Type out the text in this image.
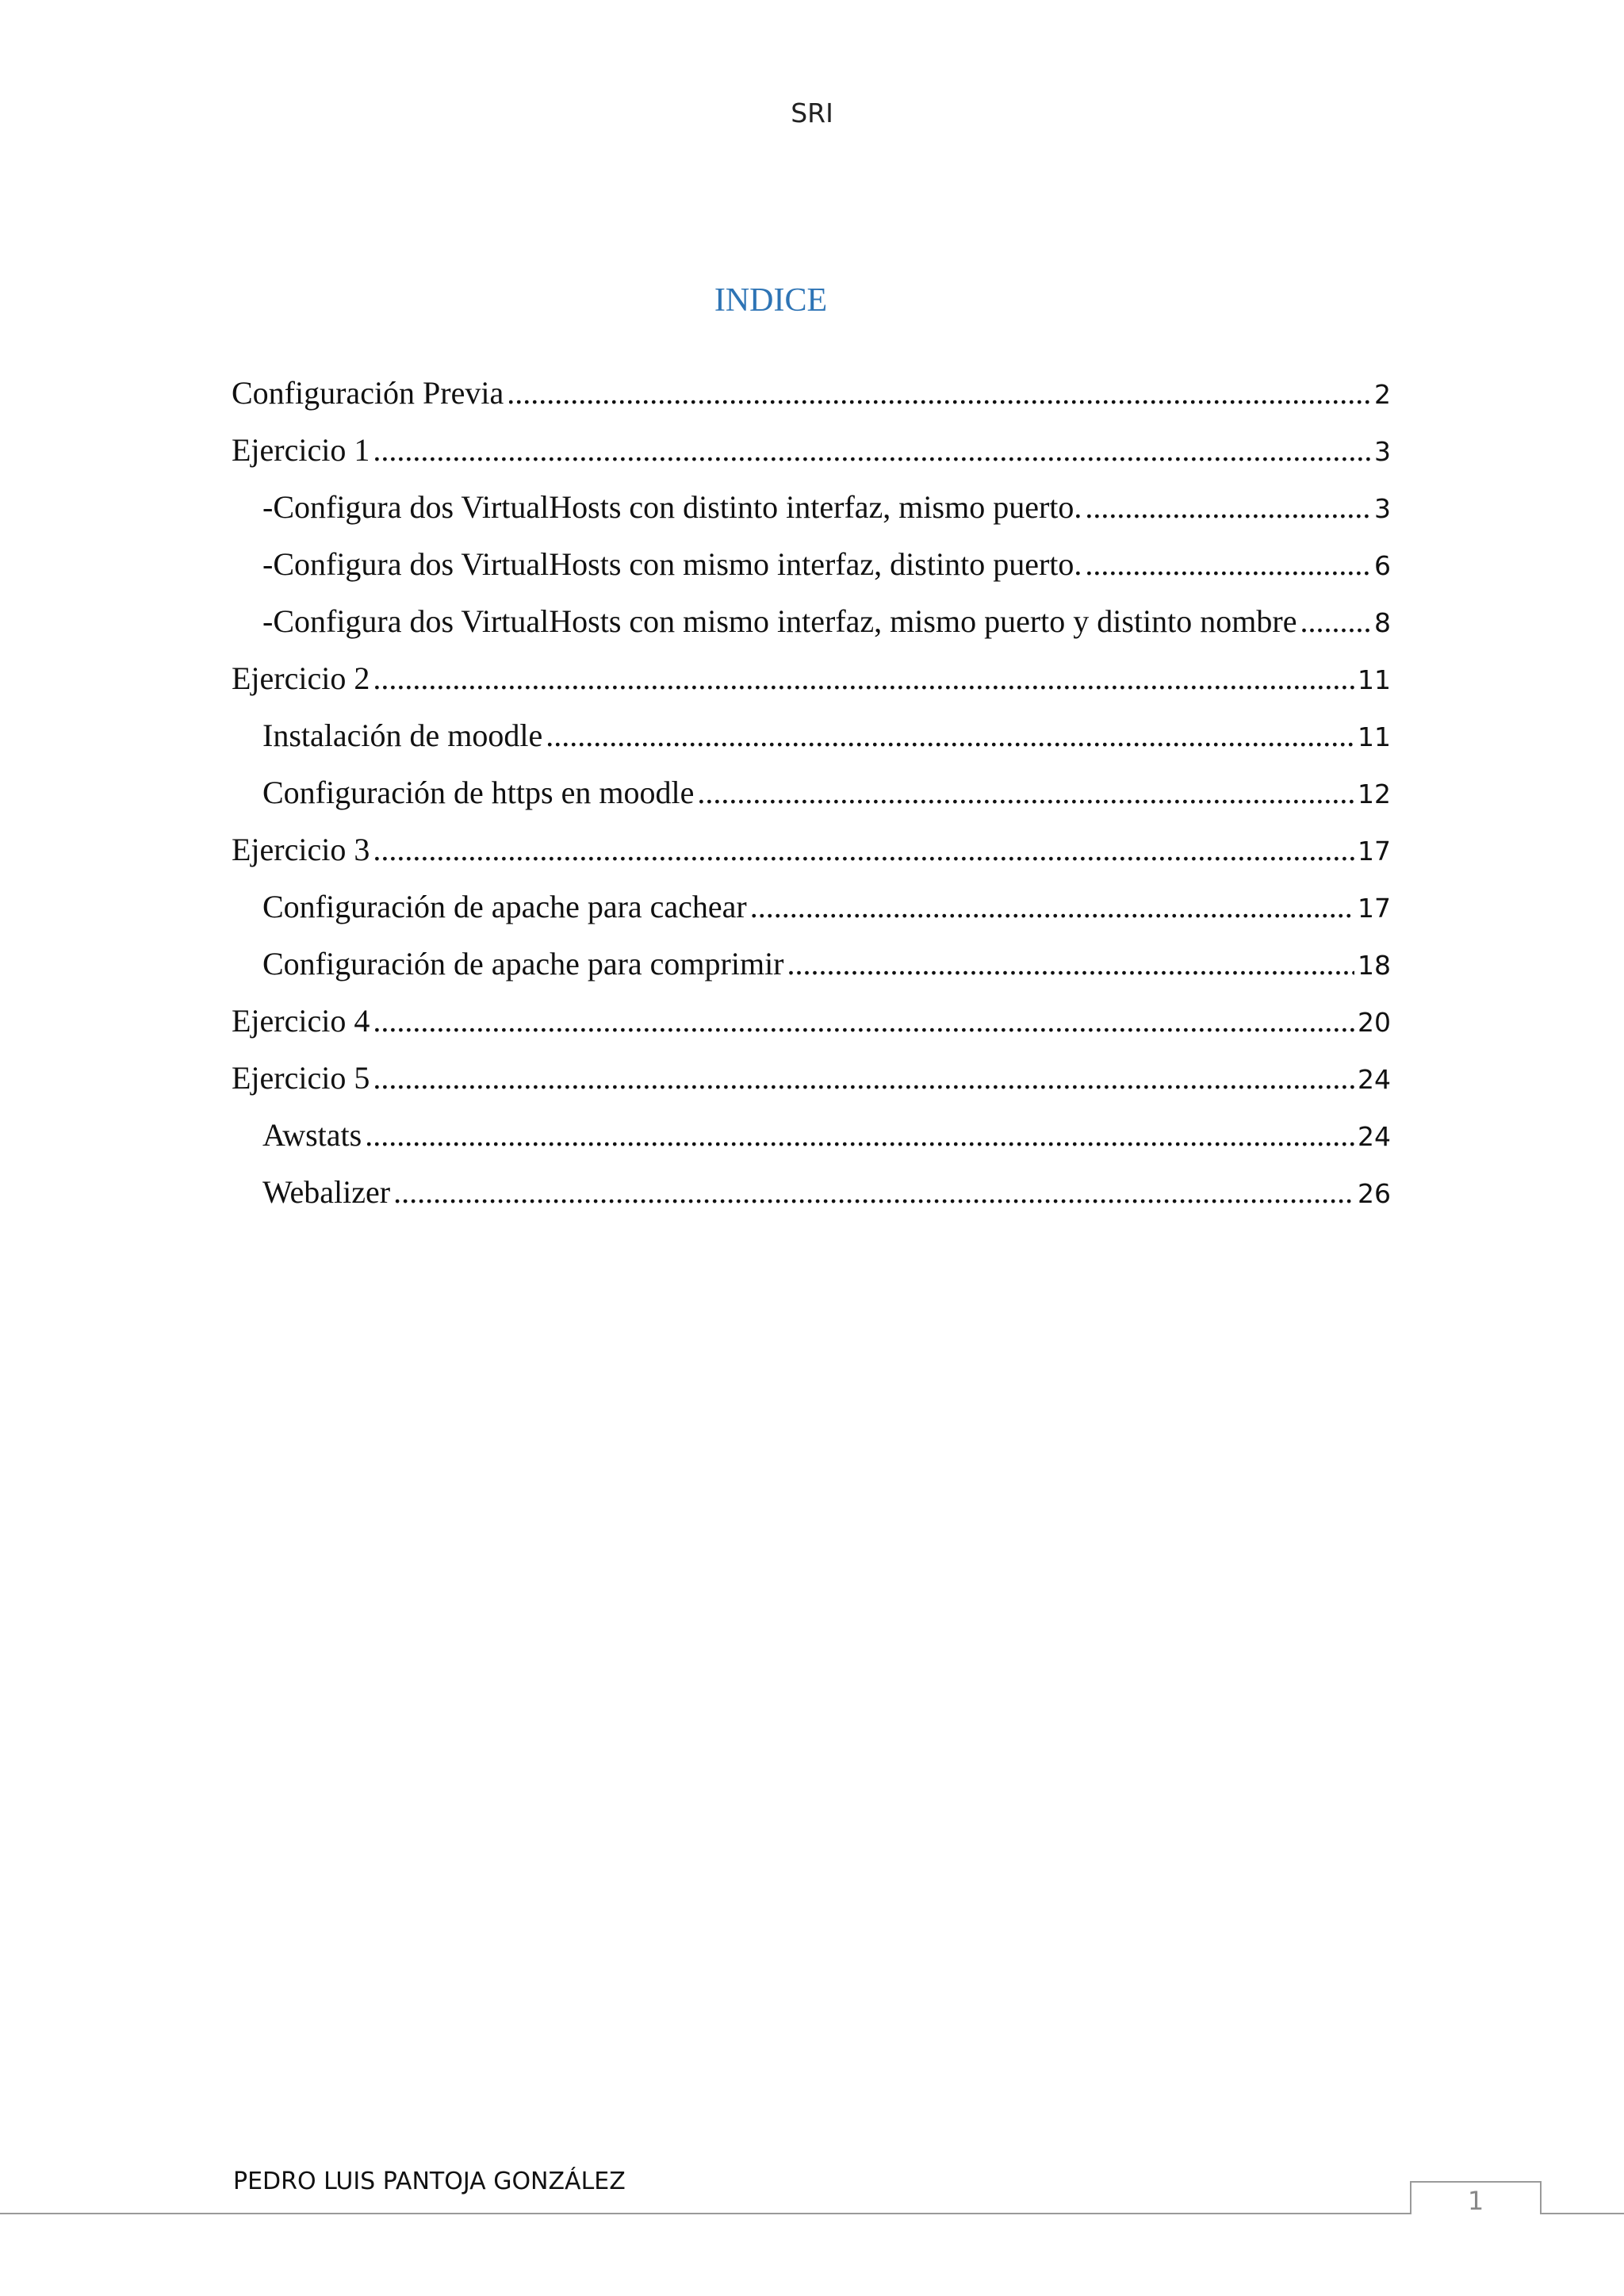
SRI
INDICE
Configuración Previa .....	2
Ejercicio 1 .....	3
-Configura dos VirtualHosts con distinto interfaz, mismo puerto. .....	3
-Configura dos VirtualHosts con mismo interfaz, distinto puerto. .....	6
-Configura dos VirtualHosts con mismo interfaz, mismo puerto y distinto nombre .....	8
Ejercicio 2 .....	11
Instalación de moodle .....	11
Configuración de https en moodle .....	12
Ejercicio 3 .....	17
Configuración de apache para cachear .....	17
Configuración de apache para comprimir .....	18
Ejercicio 4 .....	20
Ejercicio 5 .....	24
Awstats .....	24
Webalizer .....	26
PEDRO LUIS PANTOJA GONZÁLEZ
1
